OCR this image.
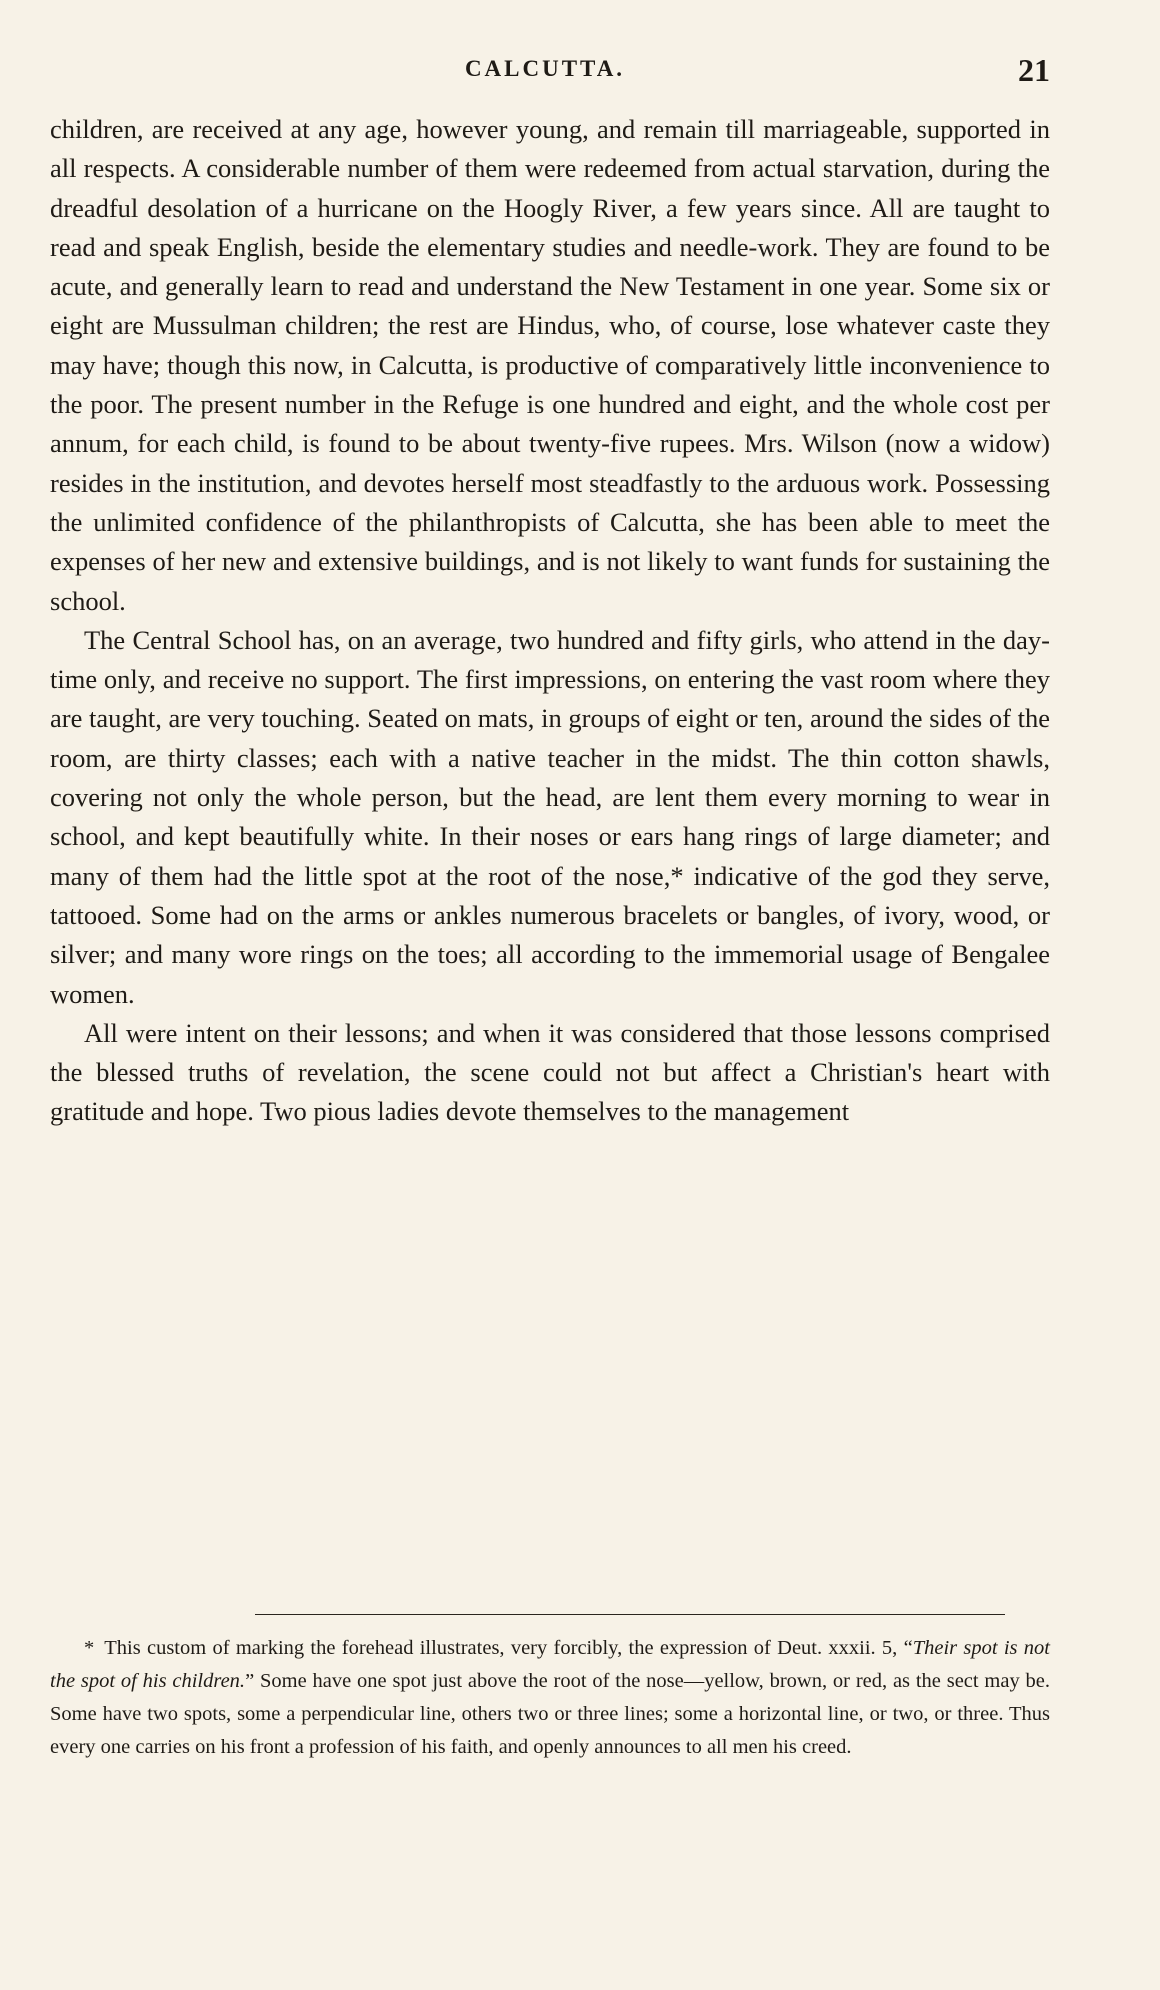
CALCUTTA.	21

children, are received at any age, however young, and remain till marriageable, supported in all respects. A considerable number of them were redeemed from actual starvation, during the dreadful desolation of a hurricane on the Hoogly River, a few years since. All are taught to read and speak English, beside the elementary studies and needle-work. They are found to be acute, and generally learn to read and understand the New Testament in one year. Some six or eight are Mussulman children; the rest are Hindus, who, of course, lose whatever caste they may have; though this now, in Calcutta, is productive of comparatively little inconvenience to the poor. The present number in the Refuge is one hundred and eight, and the whole cost per annum, for each child, is found to be about twenty-five rupees. Mrs. Wilson (now a widow) resides in the institution, and devotes herself most steadfastly to the arduous work. Possessing the unlimited confidence of the philanthropists of Calcutta, she has been able to meet the expenses of her new and extensive buildings, and is not likely to want funds for sustaining the school.

The Central School has, on an average, two hundred and fifty girls, who attend in the day-time only, and receive no support. The first impressions, on entering the vast room where they are taught, are very touching. Seated on mats, in groups of eight or ten, around the sides of the room, are thirty classes; each with a native teacher in the midst. The thin cotton shawls, covering not only the whole person, but the head, are lent them every morning to wear in school, and kept beautifully white. In their noses or ears hang rings of large diameter; and many of them had the little spot at the root of the nose,* indicative of the god they serve, tattooed. Some had on the arms or ankles numerous bracelets or bangles, of ivory, wood, or silver; and many wore rings on the toes; all according to the immemorial usage of Bengalee women.

All were intent on their lessons; and when it was considered that those lessons comprised the blessed truths of revelation, the scene could not but affect a Christian's heart with gratitude and hope. Two pious ladies devote themselves to the management

* This custom of marking the forehead illustrates, very forcibly, the expression of Deut. xxxii. 5, “Their spot is not the spot of his children.” Some have one spot just above the root of the nose—yellow, brown, or red, as the sect may be. Some have two spots, some a perpendicular line, others two or three lines; some a horizontal line, or two, or three. Thus every one carries on his front a profession of his faith, and openly announces to all men his creed.
